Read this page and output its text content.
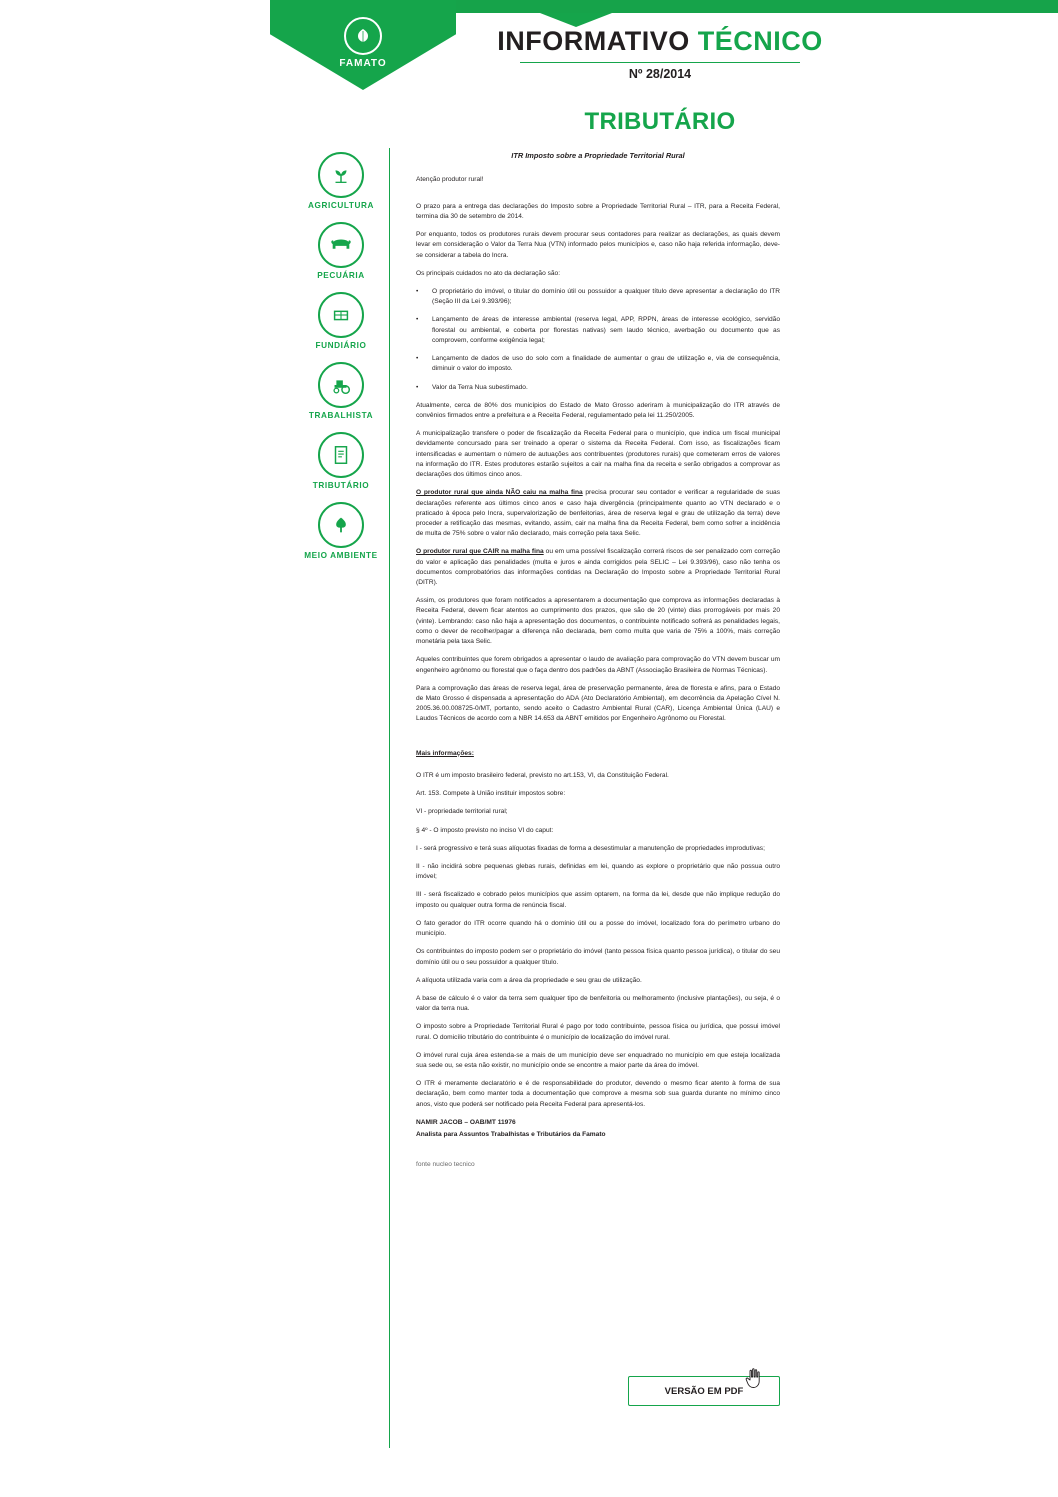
FAMATO
INFORMATIVO TÉCNICO
Nº 28/2014
TRIBUTÁRIO
AGRICULTURA
PECUÁRIA
FUNDIÁRIO
TRABALHISTA
TRIBUTÁRIO
MEIO AMBIENTE

ITR Imposto sobre a Propriedade Territorial Rural

Atenção produtor rural!

O prazo para a entrega das declarações do Imposto sobre a Propriedade Territorial Rural – ITR, para a Receita Federal, termina dia 30 de setembro de 2014.

Por enquanto, todos os produtores rurais devem procurar seus contadores para realizar as declarações, as quais devem levar em consideração o Valor da Terra Nua (VTN) informado pelos municípios e, caso não haja referida informação, deve-se considerar a tabela do Incra.

Os principais cuidados no ato da declaração são:

•	O proprietário do imóvel, o titular do domínio útil ou possuidor a qualquer título deve apresentar a declaração do ITR (Seção III da Lei 9.393/96);
•	Lançamento de áreas de interesse ambiental (reserva legal, APP, RPPN, áreas de interesse ecológico, servidão florestal ou ambiental, e coberta por florestas nativas) sem laudo técnico, averbação ou documento que as comprovem, conforme exigência legal;
•	Lançamento de dados de uso do solo com a finalidade de aumentar o grau de utilização e, via de consequência, diminuir o valor do imposto.
•	Valor da Terra Nua subestimado.

Atualmente, cerca de 80% dos municípios do Estado de Mato Grosso aderiram à municipalização do ITR através de convênios firmados entre a prefeitura e a Receita Federal, regulamentado pela lei 11.250/2005.

A municipalização transfere o poder de fiscalização da Receita Federal para o município, que indica um fiscal municipal devidamente concursado para ser treinado a operar o sistema da Receita Federal. Com isso, as fiscalizações ficam intensificadas e aumentam o número de autuações aos contribuentes (produtores rurais) que cometeram erros de valores na informação do ITR. Estes produtores estarão sujeitos a cair na malha fina da receita e serão obrigados a comprovar as declarações dos últimos cinco anos.

O produtor rural que ainda NÃO caiu na malha fina precisa procurar seu contador e verificar a regularidade de suas declarações referente aos últimos cinco anos e caso haja divergência (principalmente quanto ao VTN declarado e o praticado à época pelo Incra, supervalorização de benfeitorias, área de reserva legal e grau de utilização da terra) deve proceder a retificação das mesmas, evitando, assim, cair na malha fina da Receita Federal, bem como sofrer a incidência de multa de 75% sobre o valor não declarado, mais correção pela taxa Selic.

O produtor rural que CAIR na malha fina ou em uma possível fiscalização correrá riscos de ser penalizado com correção do valor e aplicação das penalidades (multa e juros e ainda corrigidos pela SELIC – Lei 9.393/96), caso não tenha os documentos comprobatórios das informações contidas na Declaração do Imposto sobre a Propriedade Territorial Rural (DITR).

Assim, os produtores que foram notificados a apresentarem a documentação que comprova as informações declaradas à Receita Federal, devem ficar atentos ao cumprimento dos prazos, que são de 20 (vinte) dias prorrogáveis por mais 20 (vinte). Lembrando: caso não haja a apresentação dos documentos, o contribuinte notificado sofrerá as penalidades legais, como o dever de recolher/pagar a diferença não declarada, bem como multa que varia de 75% a 100%, mais correção monetária pela taxa Selic.

Aqueles contribuintes que forem obrigados a apresentar o laudo de avaliação para comprovação do VTN devem buscar um engenheiro agrônomo ou florestal que o faça dentro dos padrões da ABNT (Associação Brasileira de Normas Técnicas).

Para a comprovação das áreas de reserva legal, área de preservação permanente, área de floresta e afins, para o Estado de Mato Grosso é dispensada a apresentação do ADA (Ato Declaratório Ambiental), em decorrência da Apelação Cível N. 2005.36.00.008725-0/MT, portanto, sendo aceito o Cadastro Ambiental Rural (CAR), Licença Ambiental Única (LAU) e Laudos Técnicos de acordo com a NBR 14.653 da ABNT emitidos por Engenheiro Agrônomo ou Florestal.

Mais informações:

O ITR é um imposto brasileiro federal, previsto no art.153, VI, da Constituição Federal.

Art. 153. Compete à União instituir impostos sobre:

VI - propriedade territorial rural;

§ 4º - O imposto previsto no inciso VI do caput:

I - será progressivo e terá suas alíquotas fixadas de forma a desestimular a manutenção de propriedades improdutivas;

II - não incidirá sobre pequenas glebas rurais, definidas em lei, quando as explore o proprietário que não possua outro imóvel;

III - será fiscalizado e cobrado pelos municípios que assim optarem, na forma da lei, desde que não implique redução do imposto ou qualquer outra forma de renúncia fiscal.

O fato gerador do ITR ocorre quando há o domínio útil ou a posse do imóvel, localizado fora do perímetro urbano do município.

Os contribuintes do imposto podem ser o proprietário do imóvel (tanto pessoa física quanto pessoa jurídica), o titular do seu domínio útil ou o seu possuidor a qualquer título.

A alíquota utilizada varia com a área da propriedade e seu grau de utilização.

A base de cálculo é o valor da terra sem qualquer tipo de benfeitoria ou melhoramento (inclusive plantações), ou seja, é o valor da terra nua.

O imposto sobre a Propriedade Territorial Rural é pago por todo contribuinte, pessoa física ou jurídica, que possui imóvel rural. O domicílio tributário do contribuinte é o município de localização do imóvel rural.

O imóvel rural cuja área estenda-se a mais de um município deve ser enquadrado no município em que esteja localizada sua sede ou, se esta não existir, no município onde se encontre a maior parte da área do imóvel.

O ITR é meramente declaratório e é de responsabilidade do produtor, devendo o mesmo ficar atento à forma de sua declaração, bem como manter toda a documentação que comprove a mesma sob sua guarda durante no mínimo cinco anos, visto que poderá ser notificado pela Receita Federal para apresentá-los.

NAMIR JACOB – OAB/MT 11976

Analista para Assuntos Trabalhistas e Tributários da Famato

fonte nucleo tecnico

VERSÃO EM PDF
